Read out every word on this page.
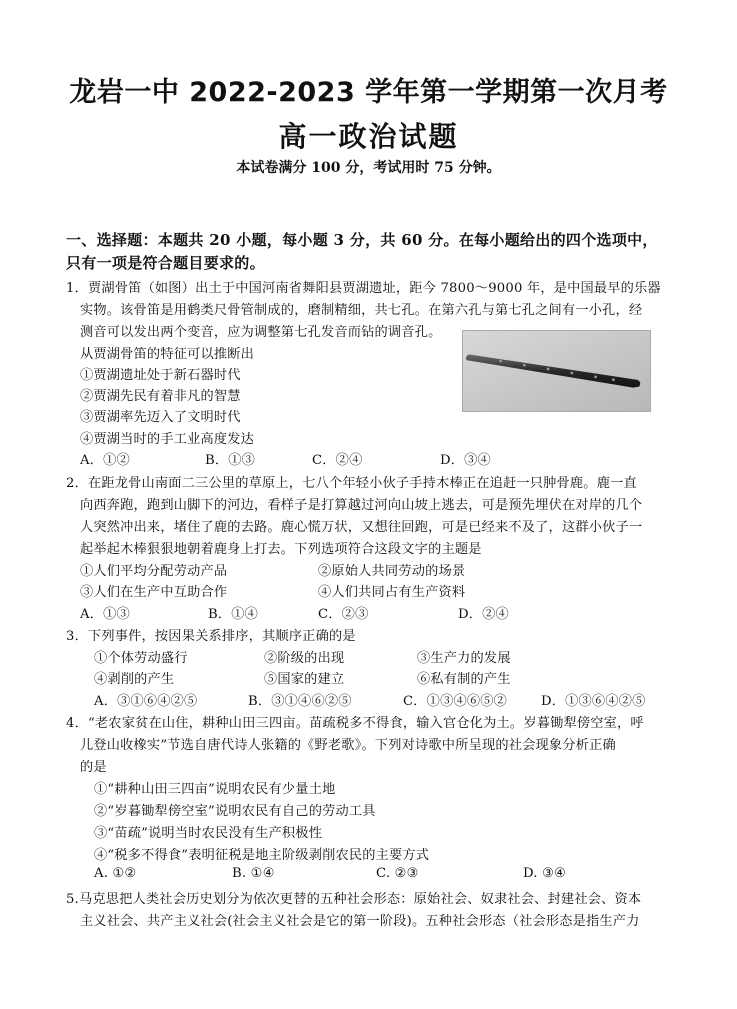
龙岩一中 2022-2023 学年第一学期第一次月考
高一政治试题
本试卷满分 100 分，考试用时 75 分钟。
一、选择题：本题共 20 小题，每小题 3 分，共 60 分。在每小题给出的四个选项中，
只有一项是符合题目要求的。
1．贾湖骨笛（如图）出土于中国河南省舞阳县贾湖遗址，距今 7800～9000 年，是中国最早的乐器
实物。该骨笛是用鹤类尺骨管制成的，磨制精细，共七孔。在第六孔与第七孔之间有一小孔，经
测音可以发出两个变音，应为调整第七孔发音而钻的调音孔。
从贾湖骨笛的特征可以推断出
①贾湖遗址处于新石器时代
②贾湖先民有着非凡的智慧
③贾湖率先迈入了文明时代
④贾湖当时的手工业高度发达
A．①②	B．①③	C．②④	D．③④
2．在距龙骨山南面二三公里的草原上，七八个年轻小伙子手持木棒正在追赶一只肿骨鹿。鹿一直
向西奔跑，跑到山脚下的河边，看样子是打算越过河向山坡上逃去，可是预先埋伏在对岸的几个
人突然冲出来，堵住了鹿的去路。鹿心慌万状，又想往回跑，可是已经来不及了，这群小伙子一
起举起木棒狠狠地朝着鹿身上打去。下列选项符合这段文字的主题是
①人们平均分配劳动产品	②原始人共同劳动的场景
③人们在生产中互助合作	④人们共同占有生产资料
A．①③	B．①④	C．②③	D．②④
3．下列事件，按因果关系排序，其顺序正确的是
①个体劳动盛行	②阶级的出现	③生产力的发展
④剥削的产生	⑤国家的建立	⑥私有制的产生
A．③①⑥④②⑤	B．③①④⑥②⑤	C．①③④⑥⑤②	D．①③⑥④②⑤
4．“老农家贫在山住，耕种山田三四亩。苗疏税多不得食，输入官仓化为土。岁暮锄犁傍空室，呼
儿登山收橡实”节选自唐代诗人张籍的《野老歌》。下列对诗歌中所呈现的社会现象分析正确
的是
①“耕种山田三四亩”说明农民有少量土地
②“岁暮锄犁傍空室”说明农民有自己的劳动工具
③“苗疏”说明当时农民没有生产积极性
④“税多不得食”表明征税是地主阶级剥削农民的主要方式
A. ①②	B. ①④	C. ②③	D. ③④
5.马克思把人类社会历史划分为依次更替的五种社会形态：原始社会、奴隶社会、封建社会、资本
主义社会、共产主义社会(社会主义社会是它的第一阶段)。五种社会形态（社会形态是指生产力
